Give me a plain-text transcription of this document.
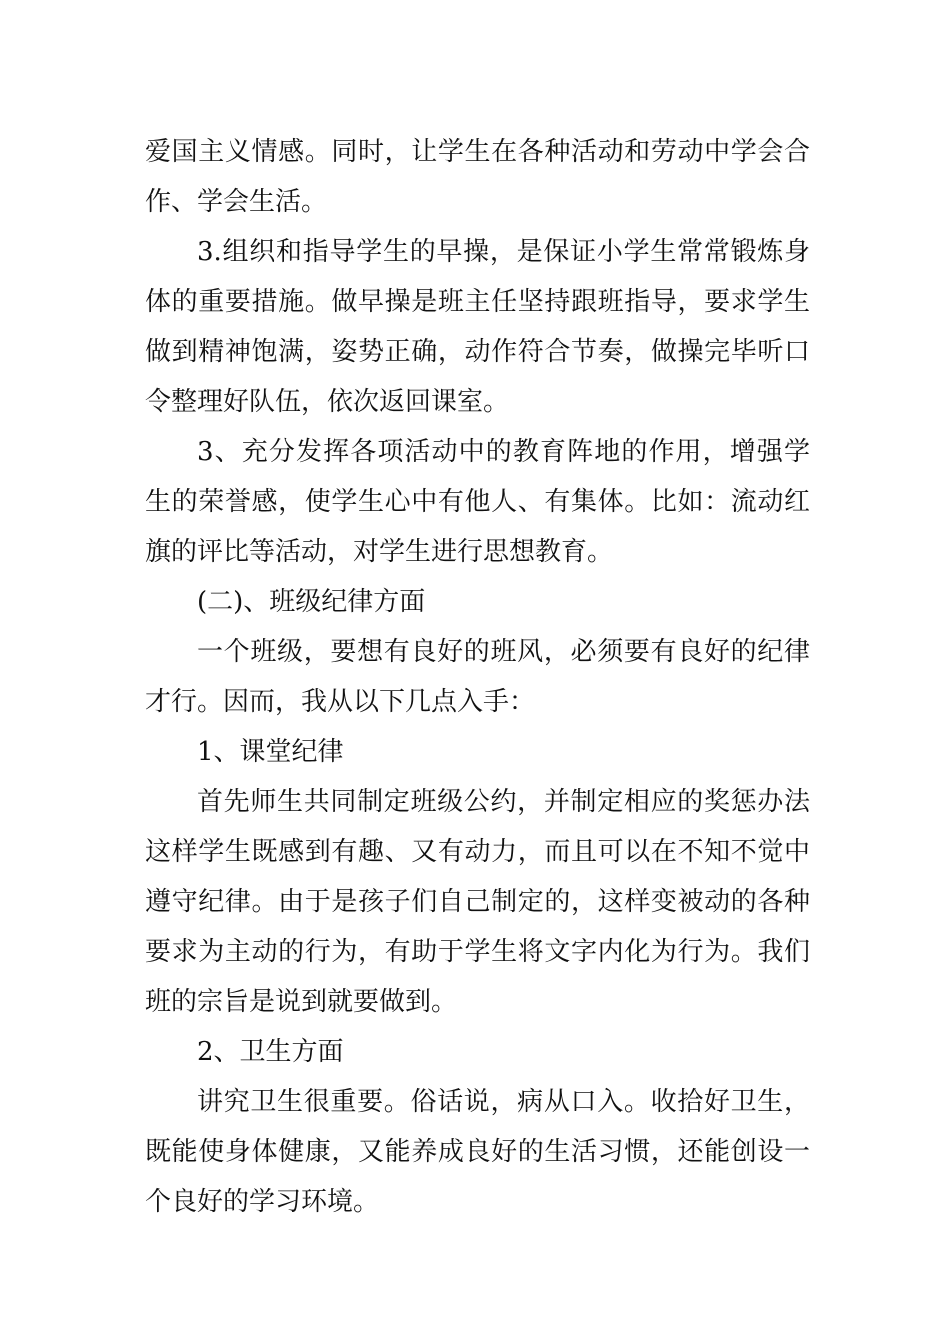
爱国主义情感。同时，让学生在各种活动和劳动中学会合作、学会生活。

3.组织和指导学生的早操，是保证小学生常常锻炼身体的重要措施。做早操是班主任坚持跟班指导，要求学生做到精神饱满，姿势正确，动作符合节奏，做操完毕听口令整理好队伍，依次返回课室。

3、充分发挥各项活动中的教育阵地的作用，增强学生的荣誉感，使学生心中有他人、有集体。比如：流动红旗的评比等活动，对学生进行思想教育。

(二)、班级纪律方面

一个班级，要想有良好的班风，必须要有良好的纪律才行。因而，我从以下几点入手：

1、课堂纪律

首先师生共同制定班级公约，并制定相应的奖惩办法这样学生既感到有趣、又有动力，而且可以在不知不觉中遵守纪律。由于是孩子们自己制定的，这样变被动的各种要求为主动的行为，有助于学生将文字内化为行为。我们班的宗旨是说到就要做到。

2、卫生方面

讲究卫生很重要。俗话说，病从口入。收拾好卫生，既能使身体健康，又能养成良好的生活习惯，还能创设一个良好的学习环境。
